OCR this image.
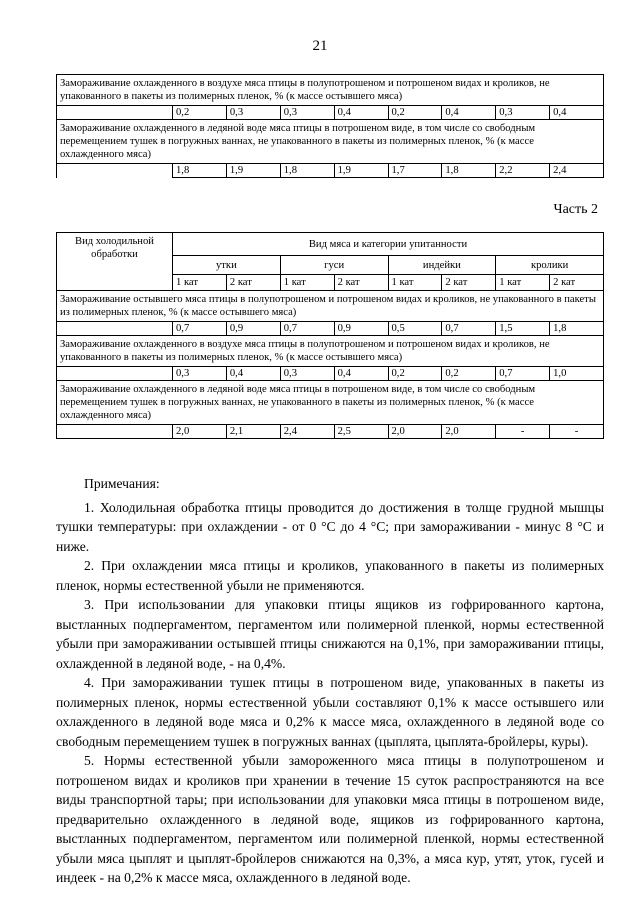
21
Замораживание охлажденного в воздухе мяса птицы в полупотрошеном и потрошеном видах и кроликов, не упакованного в пакеты из полимерных пленок, % (к массе остывшего мяса)								
	0,2	0,3	0,3	0,4	0,2	0,4	0,3	0,4
Замораживание охлажденного в ледяной воде мяса птицы в потрошеном виде, в том числе со свободным перемещением тушек в погружных ваннах, не упакованного в пакеты из полимерных пленок, % (к массе охлажденного мяса)								
	1,8	1,9	1,8	1,9	1,7	1,8	2,2	2,4
Часть 2
Вид холодильной обработки	Вид мяса и категории упитанности							
	утки		гуси		индейки		кролики	
	1 кат	2 кат	1 кат	2 кат	1 кат	2 кат	1 кат	2 кат
Замораживание остывшего мяса птицы в полупотрошеном и потрошеном видах и кроликов, не упакованного в пакеты из полимерных пленок, % (к массе остывшего мяса)								
	0,7	0,9	0,7	0,9	0,5	0,7	1,5	1,8
Замораживание охлажденного в воздухе мяса птицы в полупотрошеном и потрошеном видах и кроликов, не упакованного в пакеты из полимерных пленок, % (к массе остывшего мяса)								
	0,3	0,4	0,3	0,4	0,2	0,2	0,7	1,0
Замораживание охлажденного в ледяной воде мяса птицы в потрошеном виде, в том числе со свободным перемещением тушек в погружных ваннах, не упакованного в пакеты из полимерных пленок, % (к массе охлажденного мяса)								
	2,0	2,1	2,4	2,5	2,0	2,0	-	-

Примечания:

1. Холодильная обработка птицы проводится до достижения в толще грудной мышцы тушки температуры: при охлаждении - от 0 °С до 4 °С; при замораживании - минус 8 °С и ниже.

2. При охлаждении мяса птицы и кроликов, упакованного в пакеты из полимерных пленок, нормы естественной убыли не применяются.

3. При использовании для упаковки птицы ящиков из гофрированного картона, выстланных подпергаментом, пергаментом или полимерной пленкой, нормы естественной убыли при замораживании остывшей птицы снижаются на 0,1%, при замораживании птицы, охлажденной в ледяной воде, - на 0,4%.

4. При замораживании тушек птицы в потрошеном виде, упакованных в пакеты из полимерных пленок, нормы естественной убыли составляют 0,1% к массе остывшего или охлажденного в ледяной воде мяса и 0,2% к массе мяса, охлажденного в ледяной воде со свободным перемещением тушек в погружных ваннах (цыплята, цыплята-бройлеры, куры).

5. Нормы естественной убыли замороженного мяса птицы в полупотрошеном и потрошеном видах и кроликов при хранении в течение 15 суток распространяются на все виды транспортной тары; при использовании для упаковки мяса птицы в потрошеном виде, предварительно охлажденного в ледяной воде, ящиков из гофрированного картона, выстланных подпергаментом, пергаментом или полимерной пленкой, нормы естественной убыли мяса цыплят и цыплят-бройлеров снижаются на 0,3%, а мяса кур, утят, уток, гусей и индеек - на 0,2% к массе мяса, охлажденного в ледяной воде.
